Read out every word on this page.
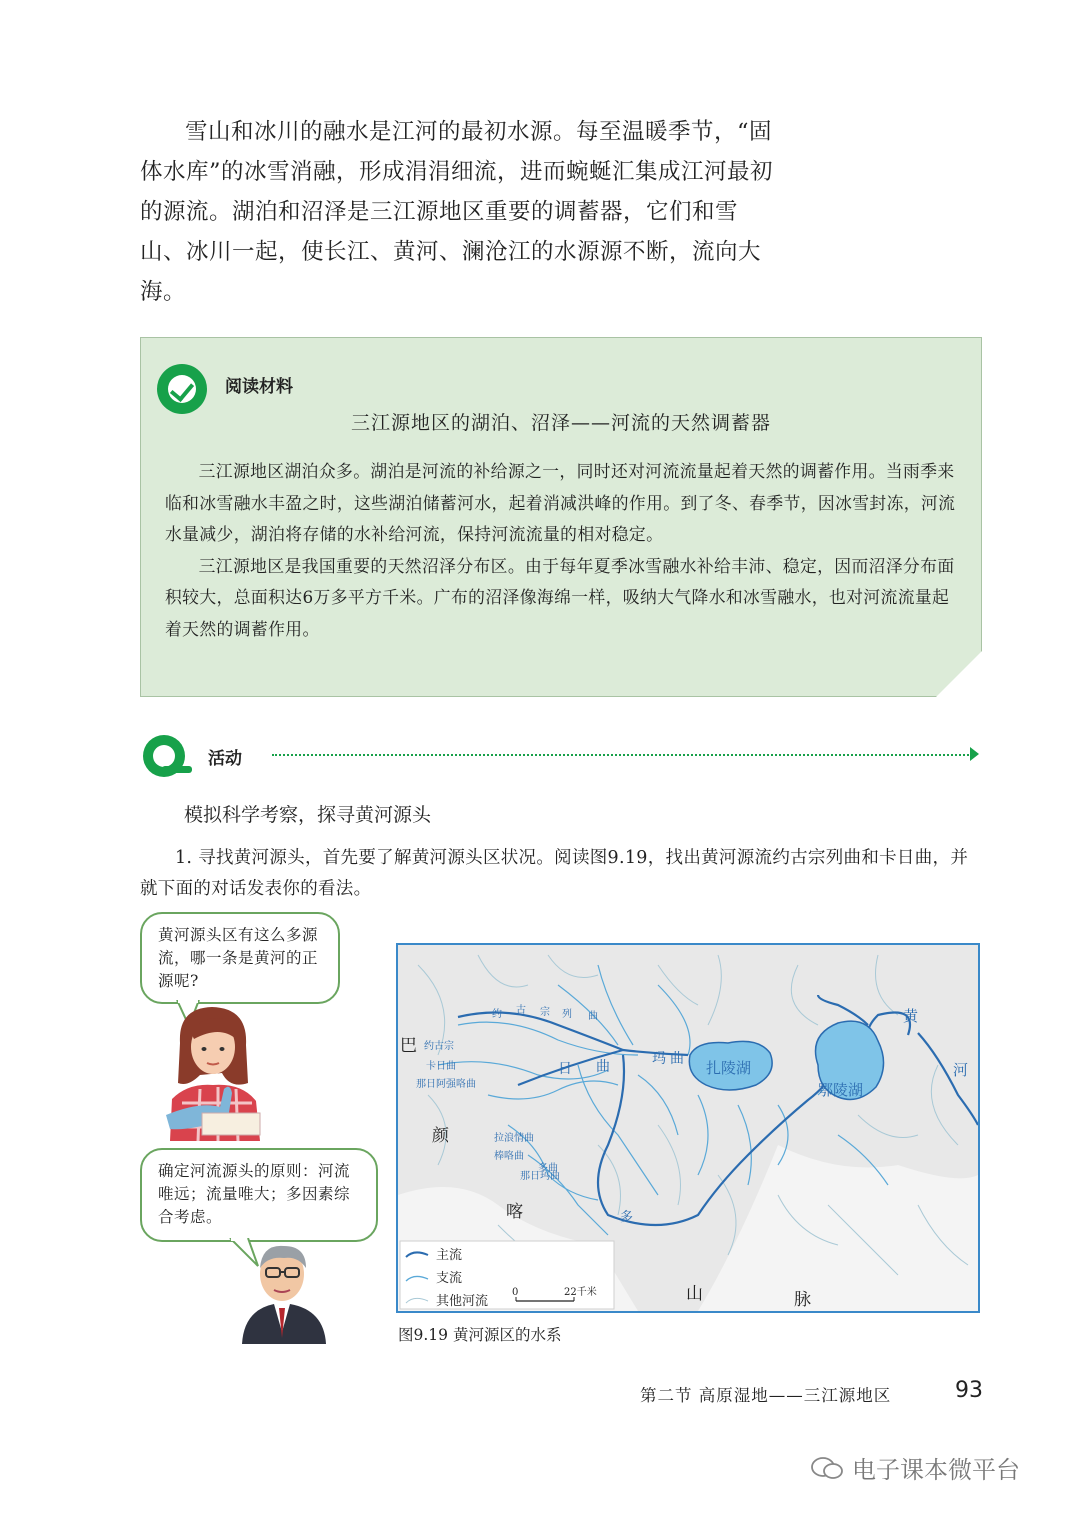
雪山和冰川的融水是江河的最初水源。每至温暖季节，“固体水库”的冰雪消融，形成涓涓细流，进而蜿蜒汇集成江河最初的源流。湖泊和沼泽是三江源地区重要的调蓄器，它们和雪山、冰川一起，使长江、黄河、澜沧江的水源源不断，流向大海。

阅读材料
三江源地区的湖泊、沼泽——河流的天然调蓄器

三江源地区湖泊众多。湖泊是河流的补给源之一，同时还对河流流量起着天然的调蓄作用。当雨季来临和冰雪融水丰盈之时，这些湖泊储蓄河水，起着消减洪峰的作用。到了冬、春季节，因冰雪封冻，河流水量减少，湖泊将存储的水补给河流，保持河流流量的相对稳定。

三江源地区是我国重要的天然沼泽分布区。由于每年夏季冰雪融水补给丰沛、稳定，因而沼泽分布面积较大，总面积达6万多平方千米。广布的沼泽像海绵一样，吸纳大气降水和冰雪融水，也对河流流量起着天然的调蓄作用。

活动
模拟科学考察，探寻黄河源头

1. 寻找黄河源头，首先要了解黄河源头区状况。阅读图9.19，找出黄河源流约古宗列曲和卡日曲，并就下面的对话发表你的看法。

黄河源头区有这么多源流，哪一条是黄河的正源呢?
确定河流源头的原则：河流唯远；流量唯大；多因素综合考虑。
扎陵湖
鄂陵湖
黄
河
玛 曲
日 曲
约 古 宗 列 曲
约古宗
卡日曲
那日阿强咯曲
拉浪情曲
棒咯曲
那日玛曲
多曲
多
巴
颜
喀
山	脉
主流
支流
其他河流
0	22千米
图9.19 黄河源区的水系
第二节 高原湿地——三江源地区	93
电子课本微平台
